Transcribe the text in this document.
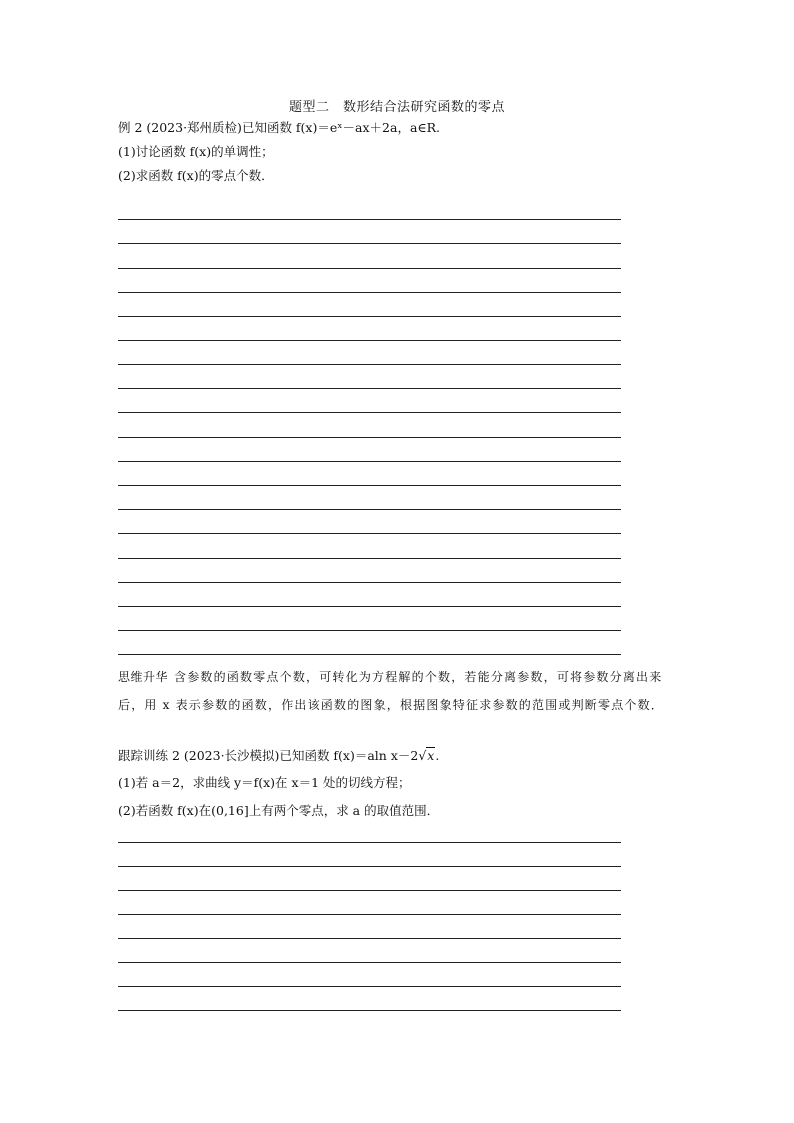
题型二　数形结合法研究函数的零点
例 2 (2023·郑州质检)已知函数 f(x)＝eˣ－ax＋2a，a∈R.
(1)讨论函数 f(x)的单调性；
(2)求函数 f(x)的零点个数．
思维升华 含参数的函数零点个数，可转化为方程解的个数，若能分离参数，可将参数分离出来后，用 x 表示参数的函数，作出该函数的图象，根据图象特征求参数的范围或判断零点个数．
跟踪训练 2 (2023·长沙模拟)已知函数 f(x)＝aln x－2√x.
(1)若 a＝2，求曲线 y＝f(x)在 x＝1 处的切线方程；
(2)若函数 f(x)在(0,16]上有两个零点，求 a 的取值范围．
